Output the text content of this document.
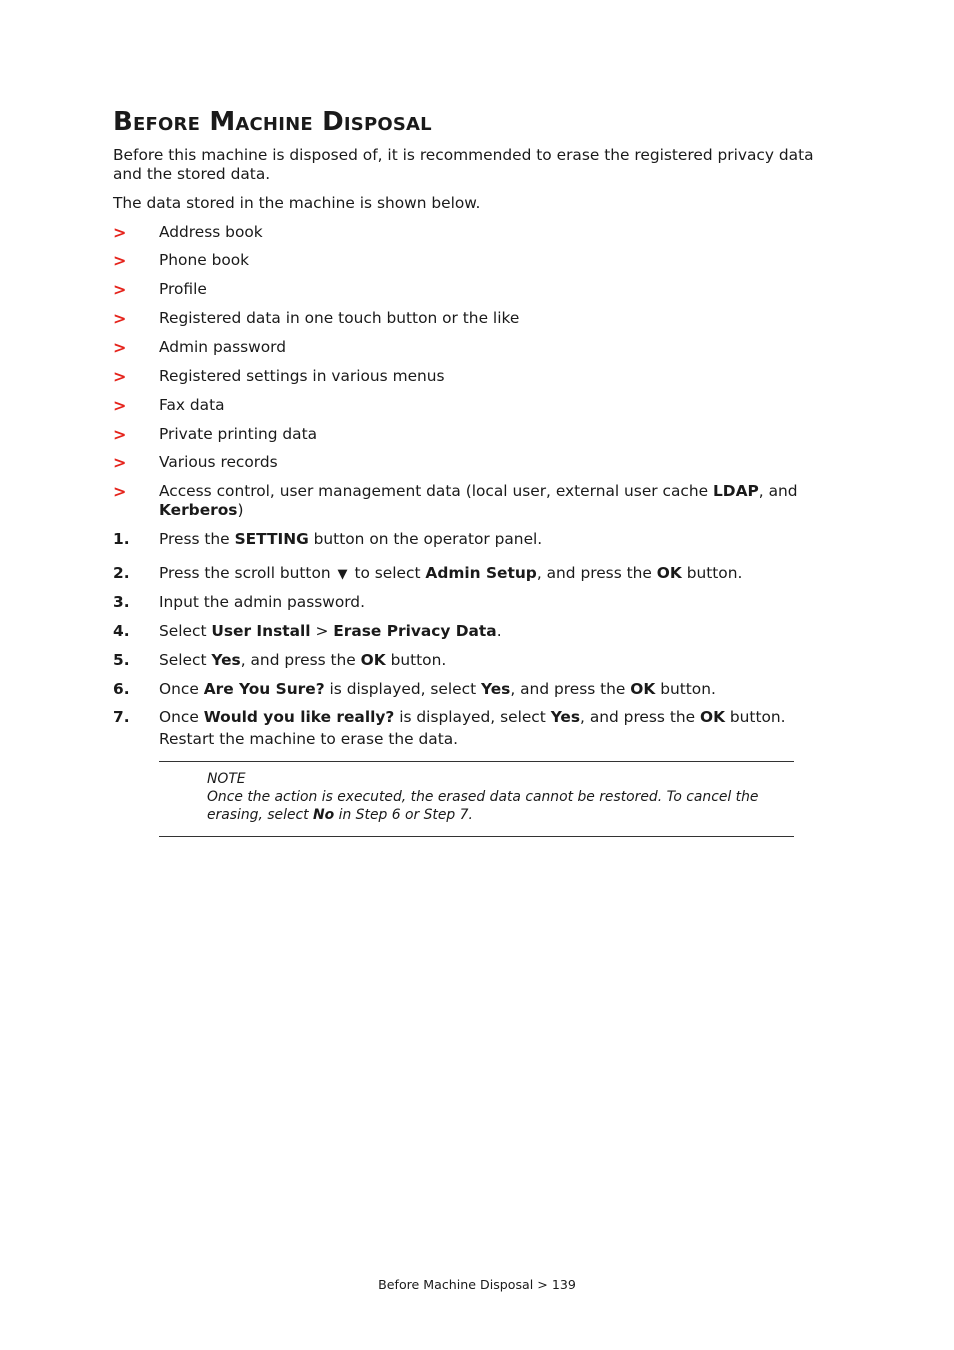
Before Machine Disposal
Before this machine is disposed of, it is recommended to erase the registered privacy data and the stored data.
The data stored in the machine is shown below.
>	Address book
>	Phone book
>	Profile
>	Registered data in one touch button or the like
>	Admin password
>	Registered settings in various menus
>	Fax data
>	Private printing data
>	Various records
>	Access control, user management data (local user, external user cache LDAP, and Kerberos)
1.	Press the SETTING button on the operator panel.
2.	Press the scroll button ▼ to select Admin Setup, and press the OK button.
3.	Input the admin password.
4.	Select User Install > Erase Privacy Data.
5.	Select Yes, and press the OK button.
6.	Once Are You Sure? is displayed, select Yes, and press the OK button.
7.	Once Would you like really? is displayed, select Yes, and press the OK button.
Restart the machine to erase the data.
NOTE
Once the action is executed, the erased data cannot be restored. To cancel the erasing, select No in Step 6 or Step 7.
Before Machine Disposal > 139
